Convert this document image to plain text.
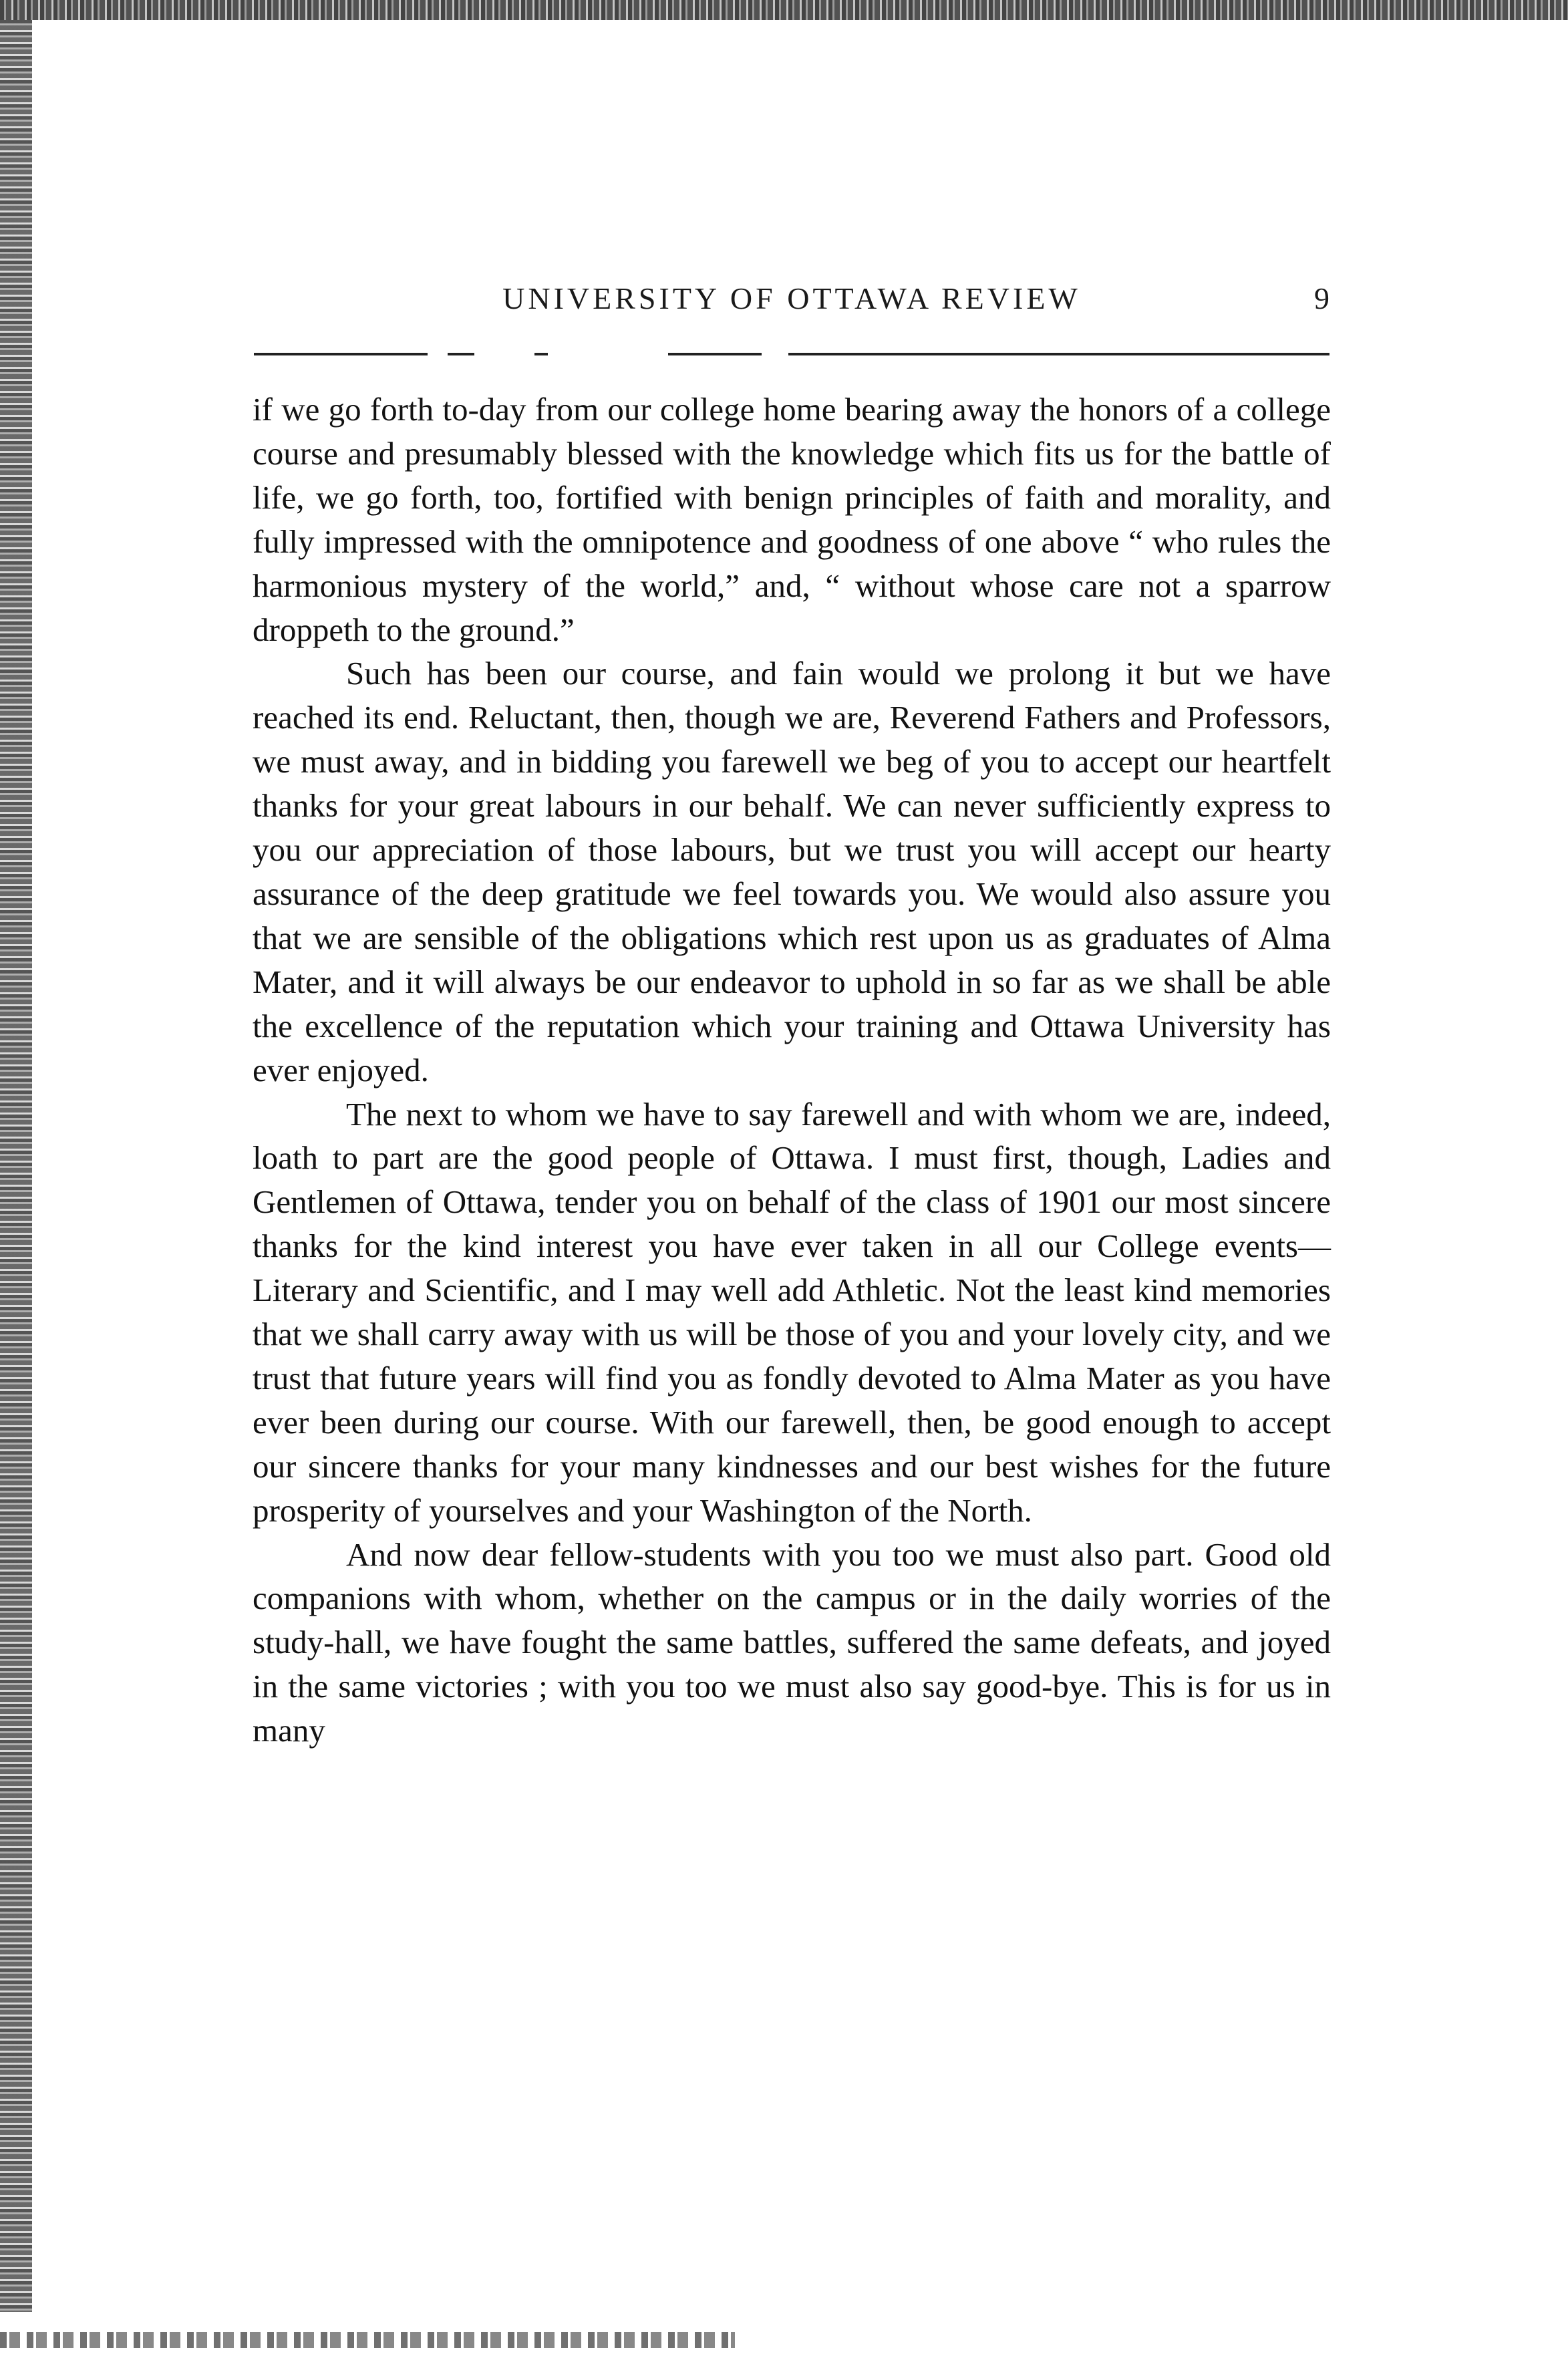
UNIVERSITY OF OTTAWA REVIEW	9

if we go forth to-day from our college home bearing away the honors of a college course and presumably blessed with the knowledge which fits us for the battle of life, we go forth, too, fortified with benign principles of faith and morality, and fully impressed with the omnipotence and goodness of one above “ who rules the harmonious mystery of the world,” and, “ without whose care not a sparrow droppeth to the ground.”

Such has been our course, and fain would we prolong it but we have reached its end. Reluctant, then, though we are, Reverend Fathers and Professors, we must away, and in bidding you farewell we beg of you to accept our heartfelt thanks for your great labours in our behalf. We can never sufficiently express to you our appreciation of those labours, but we trust you will accept our hearty assurance of the deep gratitude we feel towards you. We would also assure you that we are sensible of the obligations which rest upon us as graduates of Alma Mater, and it will always be our endeavor to uphold in so far as we shall be able the excellence of the reputation which your training and Ottawa University has ever enjoyed.

The next to whom we have to say farewell and with whom we are, indeed, loath to part are the good people of Ottawa. I must first, though, Ladies and Gentlemen of Ottawa, tender you on behalf of the class of 1901 our most sincere thanks for the kind interest you have ever taken in all our College events—Literary and Scientific, and I may well add Athletic. Not the least kind memories that we shall carry away with us will be those of you and your lovely city, and we trust that future years will find you as fondly devoted to Alma Mater as you have ever been during our course. With our farewell, then, be good enough to accept our sincere thanks for your many kindnesses and our best wishes for the future prosperity of yourselves and your Washington of the North.

And now dear fellow-students with you too we must also part. Good old companions with whom, whether on the campus or in the daily worries of the study-hall, we have fought the same battles, suffered the same defeats, and joyed in the same victories ; with you too we must also say good-bye. This is for us in many
